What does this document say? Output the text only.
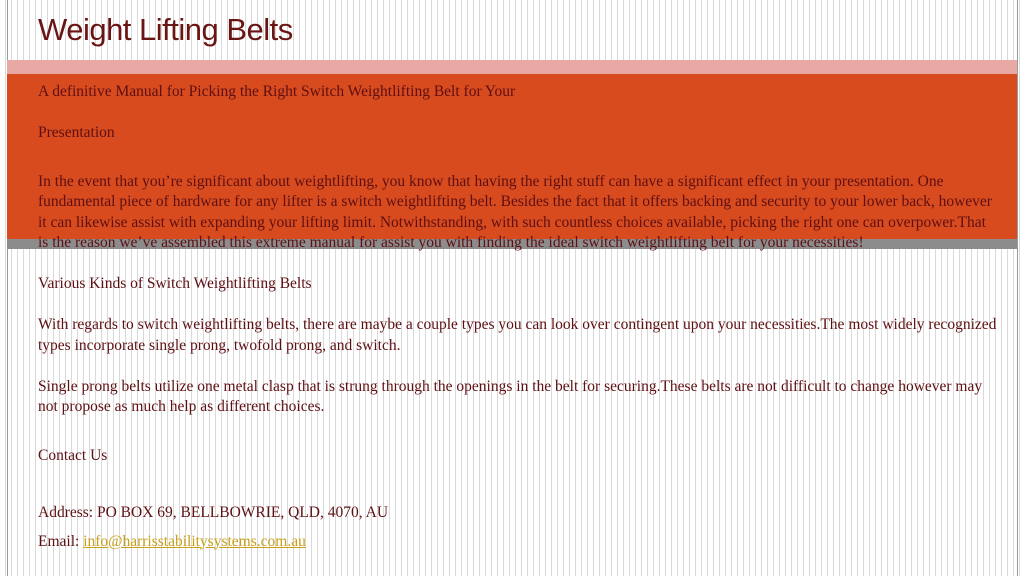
Weight Lifting Belts

A definitive Manual for Picking the Right Switch Weightlifting Belt for Your

Presentation

In the event that you’re significant about weightlifting, you know that having the right stuff can have a significant effect in your presentation. One fundamental piece of hardware for any lifter is a switch weightlifting belt. Besides the fact that it offers backing and security to your lower back, however it can likewise assist with expanding your lifting limit. Notwithstanding, with such countless choices available, picking the right one can overpower.That is the reason we’ve assembled this extreme manual for assist you with finding the ideal switch weightlifting belt for your necessities!

Various Kinds of Switch Weightlifting Belts

With regards to switch weightlifting belts, there are maybe a couple types you can look over contingent upon your necessities.The most widely recognized types incorporate single prong, twofold prong, and switch.

Single prong belts utilize one metal clasp that is strung through the openings in the belt for securing.These belts are not difficult to change however may not propose as much help as different choices.

Contact Us

Address: PO BOX 69, BELLBOWRIE, QLD, 4070, AU

Email: info@harrisstabilitysystems.com.au
